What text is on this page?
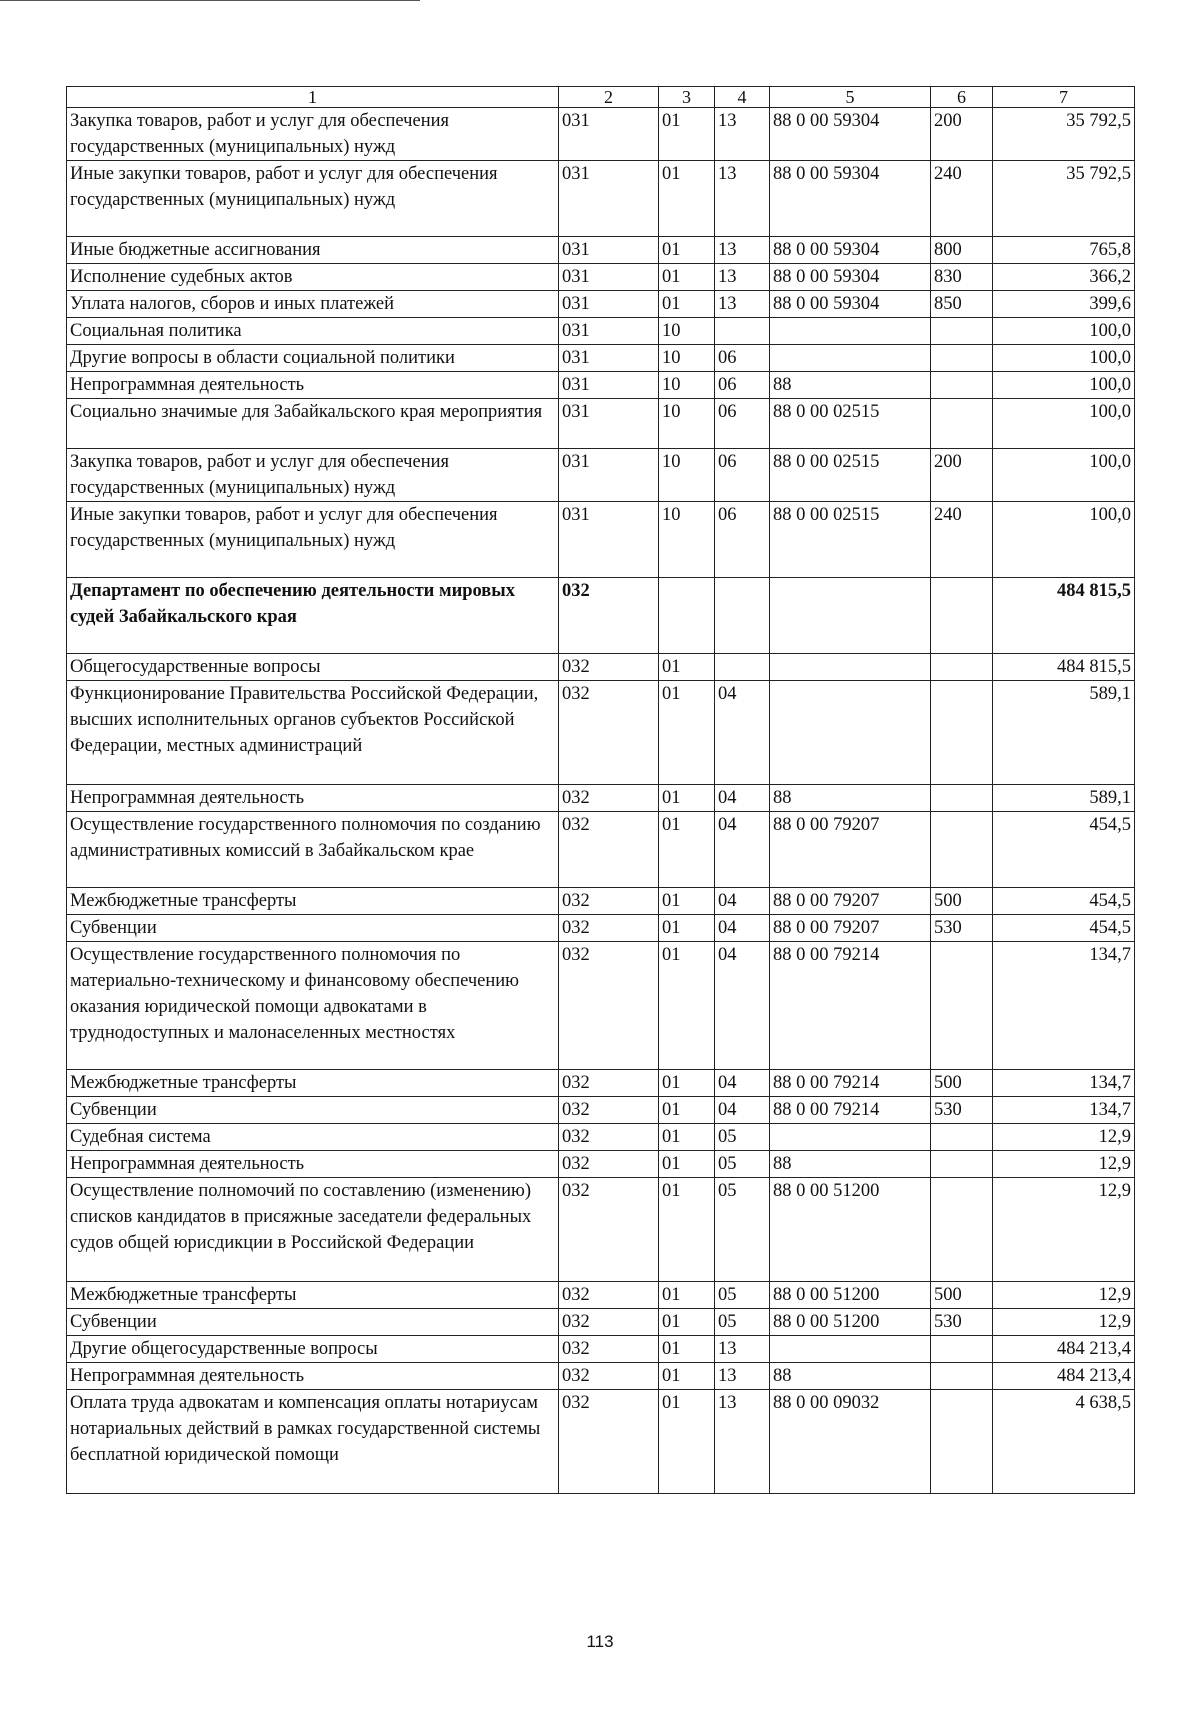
1	2	3	4	5	6	7
Закупка товаров, работ и услуг для обеспечения государственных (муниципальных) нужд	031	01	13	88 0 00 59304	200	35 792,5
Иные закупки товаров, работ и услуг для обеспечения государственных (муниципальных) нужд	031	01	13	88 0 00 59304	240	35 792,5
Иные бюджетные ассигнования	031	01	13	88 0 00 59304	800	765,8
Исполнение судебных актов	031	01	13	88 0 00 59304	830	366,2
Уплата налогов, сборов и иных платежей	031	01	13	88 0 00 59304	850	399,6
Социальная политика	031	10				100,0
Другие вопросы в области социальной политики	031	10	06			100,0
Непрограммная деятельность	031	10	06	88		100,0
Социально значимые для Забайкальского края мероприятия	031	10	06	88 0 00 02515		100,0
Закупка товаров, работ и услуг для обеспечения государственных (муниципальных) нужд	031	10	06	88 0 00 02515	200	100,0
Иные закупки товаров, работ и услуг для обеспечения государственных (муниципальных) нужд	031	10	06	88 0 00 02515	240	100,0
Департамент по обеспечению деятельности мировых судей Забайкальского края	032					484 815,5
Общегосударственные вопросы	032	01				484 815,5
Функционирование Правительства Российской Федерации, высших исполнительных органов субъектов Российской Федерации, местных администраций	032	01	04			589,1
Непрограммная деятельность	032	01	04	88		589,1
Осуществление государственного полномочия по созданию административных комиссий в Забайкальском крае	032	01	04	88 0 00 79207		454,5
Межбюджетные трансферты	032	01	04	88 0 00 79207	500	454,5
Субвенции	032	01	04	88 0 00 79207	530	454,5
Осуществление государственного полномочия по материально-техническому и финансовому обеспечению оказания юридической помощи адвокатами в труднодоступных и малонаселенных местностях	032	01	04	88 0 00 79214		134,7
Межбюджетные трансферты	032	01	04	88 0 00 79214	500	134,7
Субвенции	032	01	04	88 0 00 79214	530	134,7
Судебная система	032	01	05			12,9
Непрограммная деятельность	032	01	05	88		12,9
Осуществление полномочий по составлению (изменению) списков кандидатов в присяжные заседатели федеральных судов общей юрисдикции в Российской Федерации	032	01	05	88 0 00 51200		12,9
Межбюджетные трансферты	032	01	05	88 0 00 51200	500	12,9
Субвенции	032	01	05	88 0 00 51200	530	12,9
Другие общегосударственные вопросы	032	01	13			484 213,4
Непрограммная деятельность	032	01	13	88		484 213,4
Оплата труда адвокатам и компенсация оплаты нотариусам нотариальных действий в рамках государственной системы бесплатной юридической помощи	032	01	13	88 0 00 09032		4 638,5
113
